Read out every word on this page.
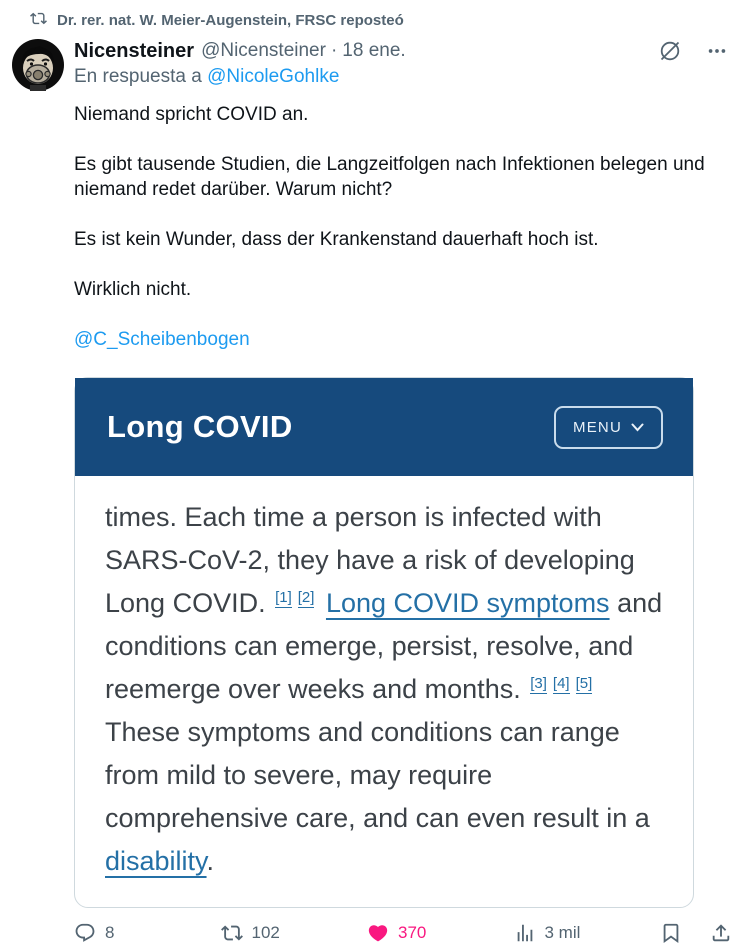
Dr. rer. nat. W. Meier-Augenstein, FRSC reposteó
Nicensteiner @Nicensteiner · 18 ene.
En respuesta a @NicoleGohlke

Niemand spricht COVID an.

Es gibt tausende Studien, die Langzeitfolgen nach Infektionen belegen und niemand redet darüber. Warum nicht?

Es ist kein Wunder, dass der Krankenstand dauerhaft hoch ist.

Wirklich nicht.

@C_Scheibenbogen

Long COVID	MENU
times. Each time a person is infected with SARS-CoV-2, they have a risk of developing Long COVID. [1] [2] Long COVID symptoms and conditions can emerge, persist, resolve, and reemerge over weeks and months. [3] [4] [5] These symptoms and conditions can range from mild to severe, may require comprehensive care, and can even result in a disability.
8	102	370	3 mil
